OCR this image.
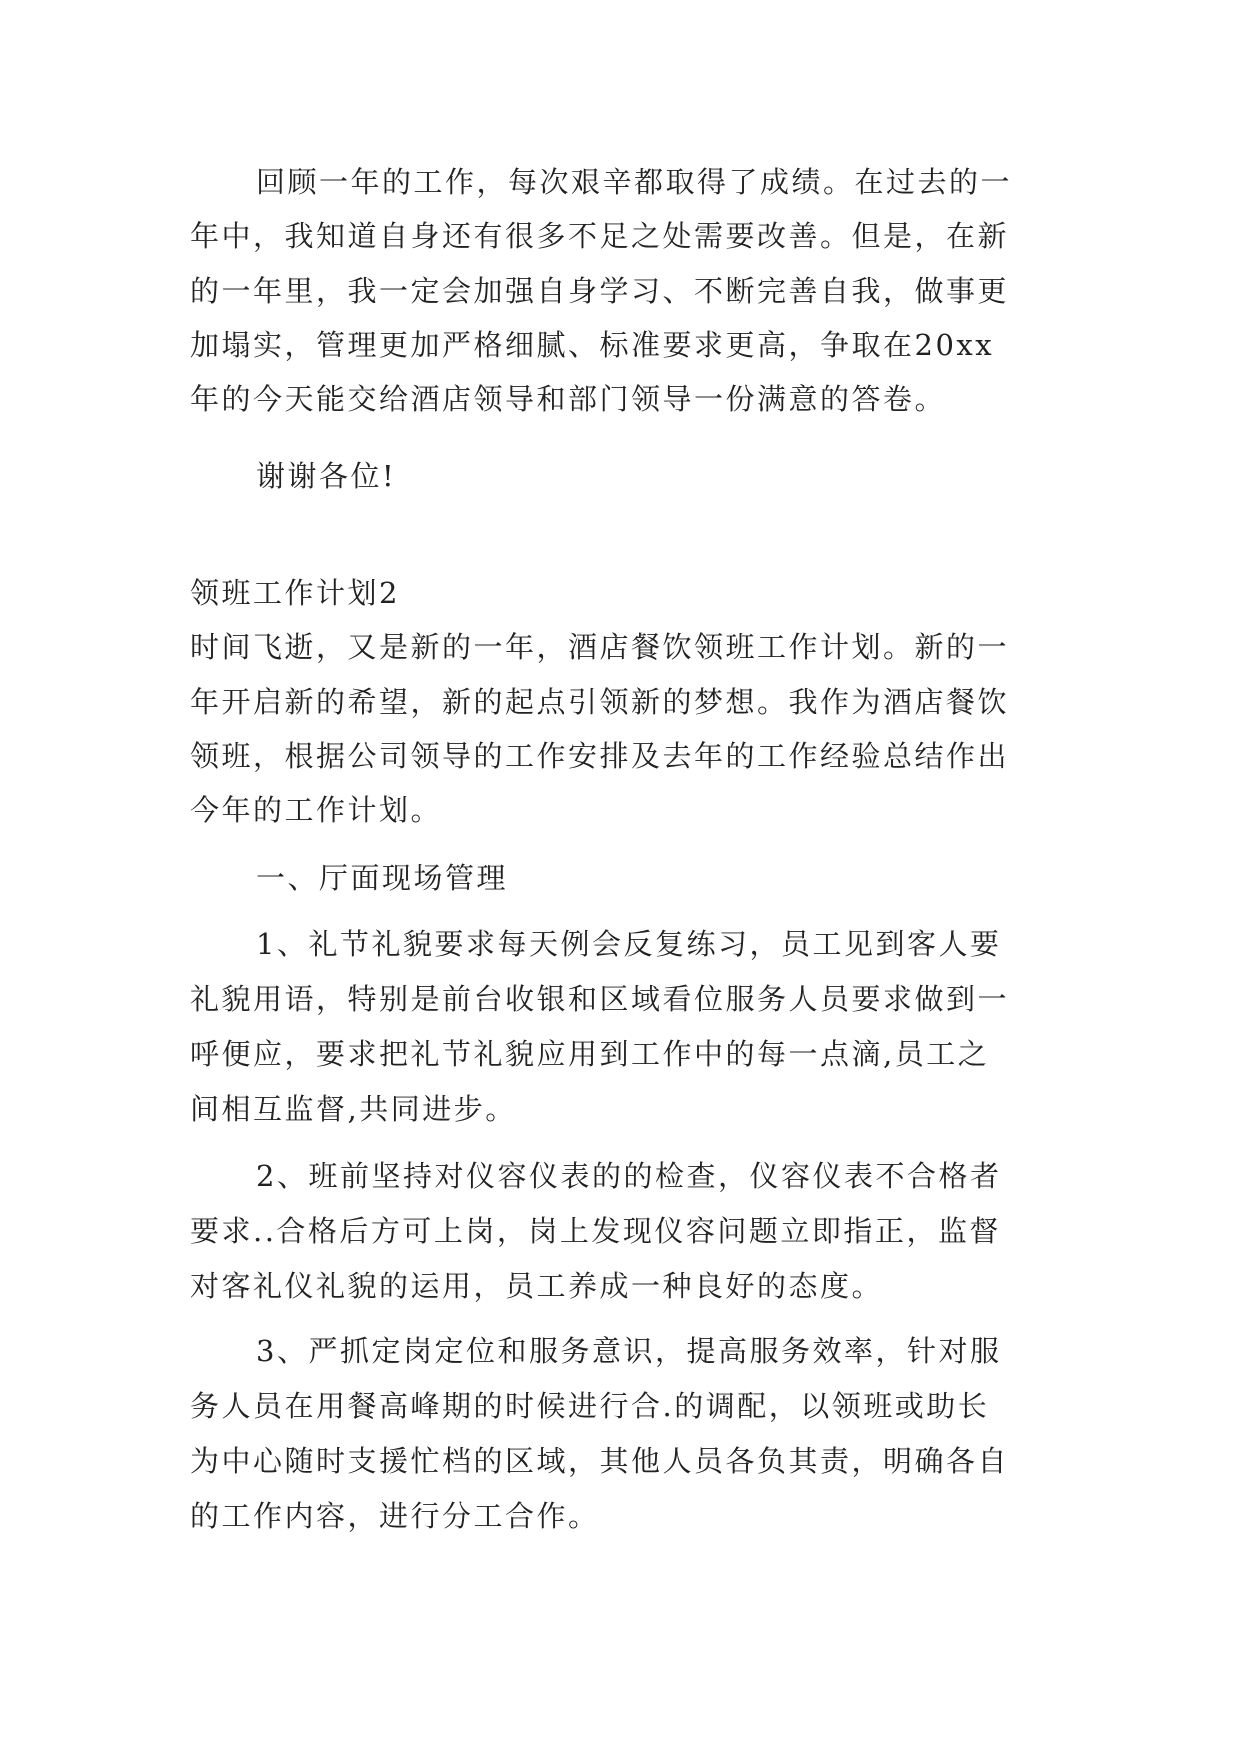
回顾一年的工作，每次艰辛都取得了成绩。在过去的一
年中，我知道自身还有很多不足之处需要改善。但是，在新
的一年里，我一定会加强自身学习、不断完善自我，做事更
加塌实，管理更加严格细腻、标准要求更高，争取在20xx
年的今天能交给酒店领导和部门领导一份满意的答卷。
谢谢各位!
领班工作计划2
时间飞逝，又是新的一年，酒店餐饮领班工作计划。新的一
年开启新的希望，新的起点引领新的梦想。我作为酒店餐饮
领班，根据公司领导的工作安排及去年的工作经验总结作出
今年的工作计划。
一、厅面现场管理
1、礼节礼貌要求每天例会反复练习，员工见到客人要
礼貌用语，特别是前台收银和区域看位服务人员要求做到一
呼便应，要求把礼节礼貌应用到工作中的每一点滴,员工之
间相互监督,共同进步。
2、班前坚持对仪容仪表的的检查，仪容仪表不合格者
要求..合格后方可上岗，岗上发现仪容问题立即指正，监督
对客礼仪礼貌的运用，员工养成一种良好的态度。
3、严抓定岗定位和服务意识，提高服务效率，针对服
务人员在用餐高峰期的时候进行合.的调配，以领班或助长
为中心随时支援忙档的区域，其他人员各负其责，明确各自
的工作内容，进行分工合作。
